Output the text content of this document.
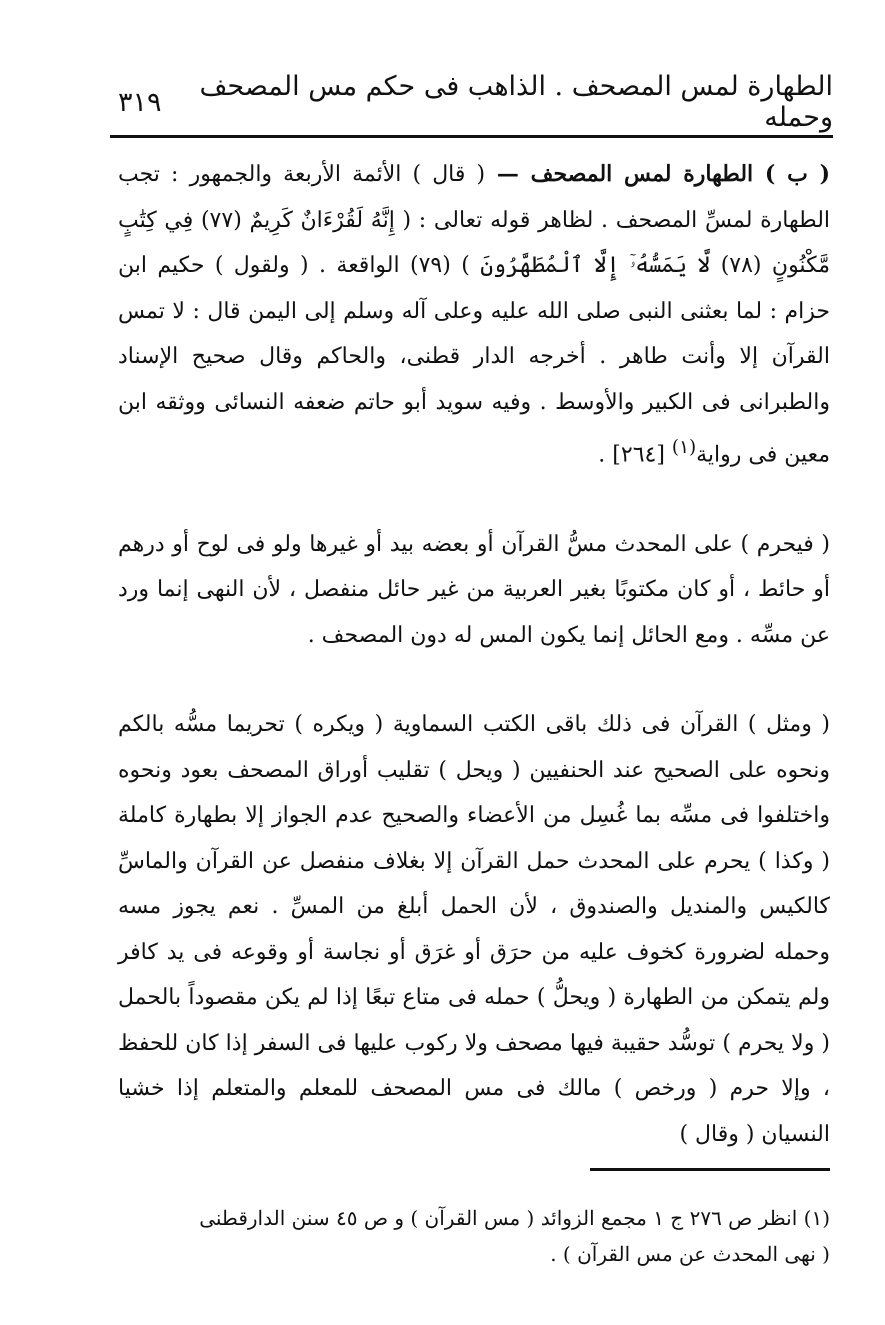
الطهارة لمس المصحف . الذاهب فى حكم مس المصحف وحمله
٣١٩

( ب ) الطهارة لمس المصحف — ( قال ) الأئمة الأربعة والجمهور : تجب الطهارة لمسِّ المصحف . لظاهر قوله تعالى : ( إِنَّهُ لَقُرْءَانٌ كَرِيمٌ (٧٧) فِي كِتَٰبٍ مَّكْنُونٍ (٧٨) لَّا يَمَسُّهُۥٓ إِلَّا ٱلْمُطَهَّرُونَ ) (٧٩) الواقعة . ( ولقول ) حكيم ابن حزام : لما بعثنى النبى صلى الله عليه وعلى آله وسلم إلى اليمن قال : لا تمس القرآن إلا وأنت طاهر . أخرجه الدار قطنى، والحاكم وقال صحيح الإسناد والطبرانى فى الكبير والأوسط . وفيه سويد أبو حاتم ضعفه النسائى ووثقه ابن معين فى رواية$^{(١)}$ [٢٦٤] .

( فيحرم ) على المحدث مسُّ القرآن أو بعضه بيد أو غيرها ولو فى لوح أو درهم أو حائط ، أو كان مكتوبًا بغير العربية من غير حائل منفصل ، لأن النهى إنما ورد عن مسِّه . ومع الحائل إنما يكون المس له دون المصحف .

( ومثل ) القرآن فى ذلك باقى الكتب السماوية ( ويكره ) تحريما مسُّه بالكم ونحوه على الصحيح عند الحنفيين ( ويحل ) تقليب أوراق المصحف بعود ونحوه واختلفوا فى مسِّه بما غُسِل من الأعضاء والصحيح عدم الجواز إلا بطهارة كاملة ( وكذا ) يحرم على المحدث حمل القرآن إلا بغلاف منفصل عن القرآن والماسِّ كالكيس والمنديل والصندوق ، لأن الحمل أبلغ من المسِّ . نعم يجوز مسه وحمله لضرورة كخوف عليه من حرَق أو غرَق أو نجاسة أو وقوعه فى يد كافر ولم يتمكن من الطهارة ( ويحلُّ ) حمله فى متاع تبعًا إذا لم يكن مقصوداً بالحمل ( ولا يحرم ) توسُّد حقيبة فيها مصحف ولا ركوب عليها فى السفر إذا كان للحفظ ، وإلا حرم ( ورخص ) مالك فى مس المصحف للمعلم والمتعلم إذا خشيا النسيان ( وقال )

(١) انظر ص ٢٧٦ ج ١ مجمع الزوائد ( مس القرآن ) و ص ٤٥ سنن الدارقطنى

( نهى المحدث عن مس القرآن ) .
